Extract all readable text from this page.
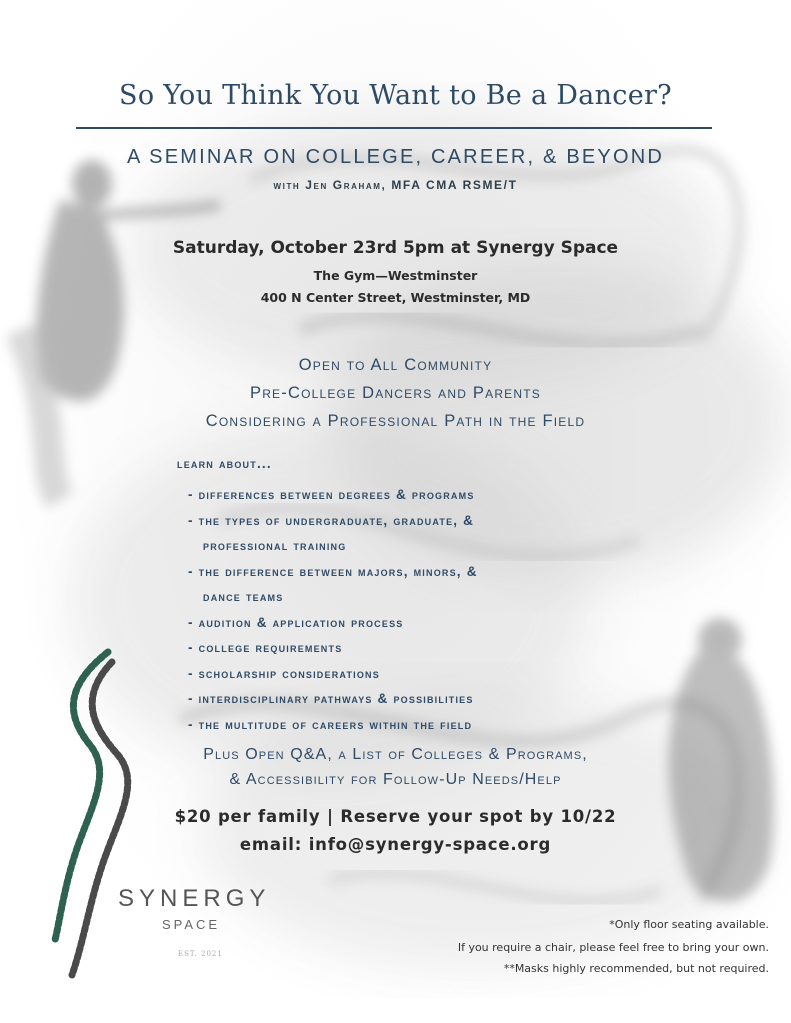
So You Think You Want to Be a Dancer?
A SEMINAR ON COLLEGE, CAREER, & BEYOND
with Jen Graham, MFA CMA RSME/T
Saturday, October 23rd 5pm at Synergy Space
The Gym—Westminster
400 N Center Street, Westminster, MD
Open to All Community
Pre-College Dancers and Parents
Considering a Professional Path in the Field
learn about...
- differences between degrees & programs
- the types of undergraduate, graduate, &
professional training
- the difference between majors, minors, &
dance teams
- audition & application process
- college requirements
- scholarship considerations
- interdisciplinary pathways & possibilities
- the multitude of careers within the field
Plus Open Q&A, a List of Colleges & Programs,
& Accessibility for Follow-Up Needs/Help
$20 per family | Reserve your spot by 10/22
email: info@synergy-space.org
SYNERGY
SPACE
EST. 2021
*Only floor seating available.
If you require a chair, please feel free to bring your own.
**Masks highly recommended, but not required.
